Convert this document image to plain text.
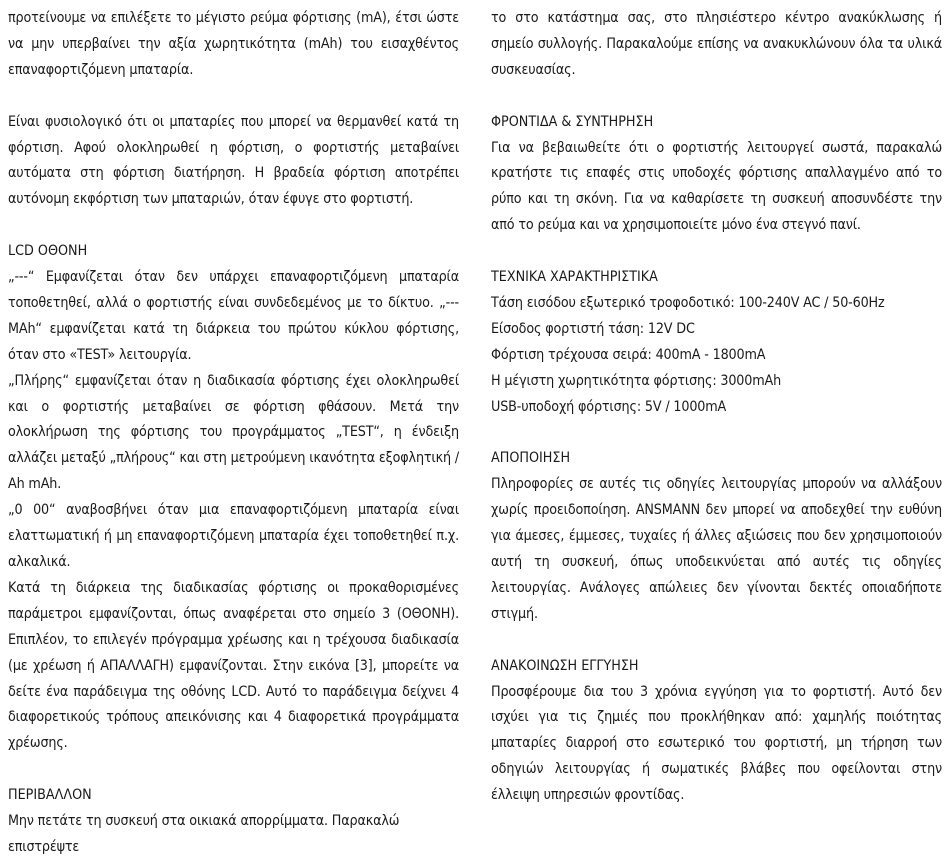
προτείνουμε να επιλέξετε το μέγιστο ρεύμα φόρτισης (mA), έτσι ώστε να μην υπερβαίνει την αξία χωρητικότητα (mAh) του εισαχθέντος επαναφορτιζόμενη μπαταρία.

Είναι φυσιολογικό ότι οι μπαταρίες που μπορεί να θερμανθεί κατά τη φόρτιση. Αφού ολοκληρωθεί η φόρτιση, ο φορτιστής μεταβαίνει αυτόματα στη φόρτιση διατήρηση. Η βραδεία φόρτιση αποτρέπει αυτόνομη εκφόρτιση των μπαταριών, όταν έφυγε στο φορτιστή.

LCD ΟΘΟΝΗ

„---“ Εμφανίζεται όταν δεν υπάρχει επαναφορτιζόμενη μπαταρία τοποθετηθεί, αλλά ο φορτιστής είναι συνδεδεμένος με το δίκτυο. „--- MAh“ εμφανίζεται κατά τη διάρκεια του πρώτου κύκλου φόρτισης, όταν στο «TEST» λειτουργία.

„Πλήρης“ εμφανίζεται όταν η διαδικασία φόρτισης έχει ολοκληρωθεί και ο φορτιστής μεταβαίνει σε φόρτιση φθάσουν. Μετά την ολοκλήρωση της φόρτισης του προγράμματος „TEST“, η ένδειξη αλλάζει μεταξύ „πλήρους“ και στη μετρούμενη ικανότητα εξοφλητική / Ah mAh.

„0 00“ αναβοσβήνει όταν μια επαναφορτιζόμενη μπαταρία είναι ελαττωματική ή μη επαναφορτιζόμενη μπαταρία έχει τοποθετηθεί π.χ. αλκαλικά.

Κατά τη διάρκεια της διαδικασίας φόρτισης οι προκαθορισμένες παράμετροι εμφανίζονται, όπως αναφέρεται στο σημείο 3 (ΟΘΟΝΗ). Επιπλέον, το επιλεγέν πρόγραμμα χρέωσης και η τρέχουσα διαδικασία (με χρέωση ή ΑΠΑΛΛΑΓΗ) εμφανίζονται. Στην εικόνα [3], μπορείτε να δείτε ένα παράδειγμα της οθόνης LCD. Αυτό το παράδειγμα δείχνει 4 διαφορετικούς τρόπους απεικόνισης και 4 διαφορετικά προγράμματα χρέωσης.

ΠΕΡΙΒΑΛΛΟΝ

Μην πετάτε τη συσκευή στα οικιακά απορρίμματα. Παρακαλώ επιστρέψτε

το στο κατάστημα σας, στο πλησιέστερο κέντρο ανακύκλωσης ή σημείο συλλογής. Παρακαλούμε επίσης να ανακυκλώνουν όλα τα υλικά συσκευασίας.

ΦΡΟΝΤΙΔΑ & ΣΥΝΤΗΡΗΣΗ

Για να βεβαιωθείτε ότι ο φορτιστής λειτουργεί σωστά, παρακαλώ κρατήστε τις επαφές στις υποδοχές φόρτισης απαλλαγμένο από το ρύπο και τη σκόνη. Για να καθαρίσετε τη συσκευή αποσυνδέστε την από το ρεύμα και να χρησιμοποιείτε μόνο ένα στεγνό πανί.

ΤΕΧΝΙΚΑ ΧΑΡΑΚΤΗΡΙΣΤΙΚΑ

Τάση εισόδου εξωτερικό τροφοδοτικό: 100-240V AC / 50-60Hz

Είσοδος φορτιστή τάση: 12V DC

Φόρτιση τρέχουσα σειρά: 400mA - 1800mA

Η μέγιστη χωρητικότητα φόρτισης: 3000mAh

USB-υποδοχή φόρτισης: 5V / 1000mA

ΑΠΟΠΟΙΗΣΗ

Πληροφορίες σε αυτές τις οδηγίες λειτουργίας μπορούν να αλλάξουν χωρίς προειδοποίηση. ANSMANN δεν μπορεί να αποδεχθεί την ευθύνη για άμεσες, έμμεσες, τυχαίες ή άλλες αξιώσεις που δεν χρησιμοποιούν αυτή τη συσκευή, όπως υποδεικνύεται από αυτές τις οδηγίες λειτουργίας. Ανάλογες απώλειες δεν γίνονται δεκτές οποιαδήποτε στιγμή.

ΑΝΑΚΟΙΝΩΣΗ ΕΓΓΥΗΣΗ

Προσφέρουμε δια του 3 χρόνια εγγύηση για το φορτιστή. Αυτό δεν ισχύει για τις ζημιές που προκλήθηκαν από: χαμηλής ποιότητας μπαταρίες διαρροή στο εσωτερικό του φορτιστή, μη τήρηση των οδηγιών λειτουργίας ή σωματικές βλάβες που οφείλονται στην έλλειψη υπηρεσιών φροντίδας.
